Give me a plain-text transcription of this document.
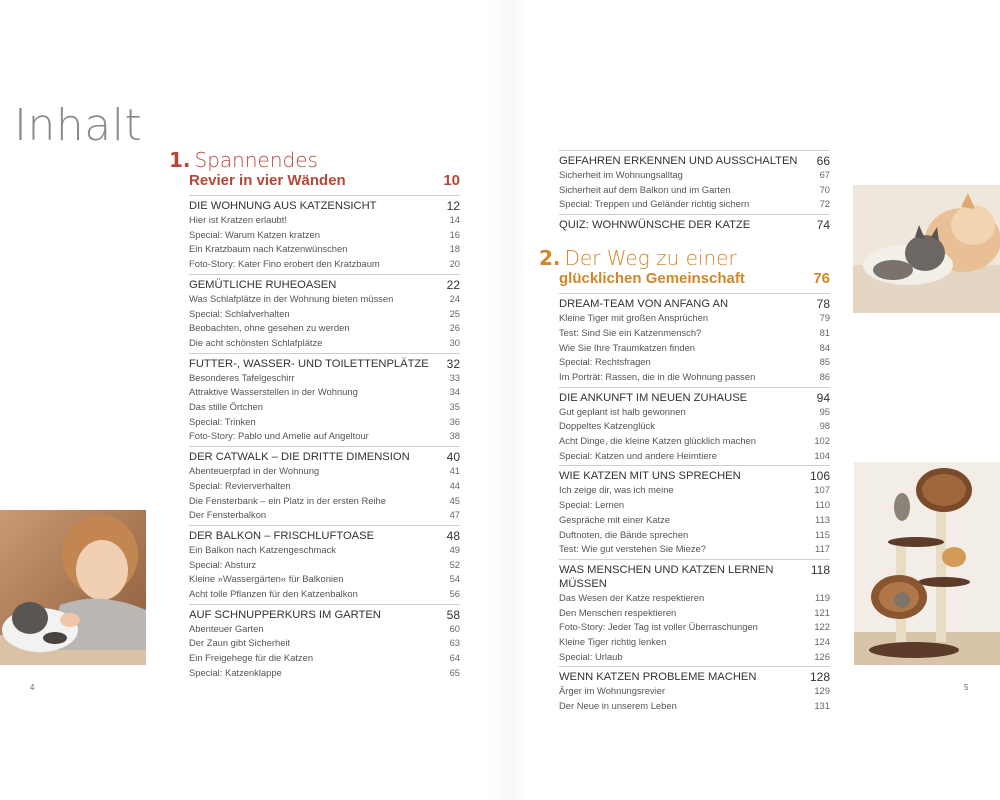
Inhalt
1. Spannendes
Revier in vier Wänden	10
DIE WOHNUNG AUS KATZENSICHT	12
Hier ist Kratzen erlaubt!	14
Special: Warum Katzen kratzen	16
Ein Kratzbaum nach Katzenwünschen	18
Foto-Story: Kater Fino erobert den Kratzbaum	20
GEMÜTLICHE RUHEOASEN	22
Was Schlafplätze in der Wohnung bieten müssen	24
Special: Schlafverhalten	25
Beobachten, ohne gesehen zu werden	26
Die acht schönsten Schlafplätze	30
FUTTER-, WASSER- UND TOILETTENPLÄTZE 32
Besonderes Tafelgeschirr	33
Attraktive Wasserstellen in der Wohnung	34
Das stille Örtchen	35
Special: Trinken	36
Foto-Story: Pablo und Amelie auf Angeltour	38
DER CATWALK – DIE DRITTE DIMENSION	40
Abenteuerpfad in der Wohnung	41
Special: Revierverhalten	44
Die Fensterbank – ein Platz in der ersten Reihe	45
Der Fensterbalkon	47
DER BALKON – FRISCHLUFTOASE	48
Ein Balkon nach Katzengeschmack	49
Special: Absturz	52
Kleine »Wassergärten« für Balkonien	54
Acht tolle Pflanzen für den Katzenbalkon	56
AUF SCHNUPPERKURS IM GARTEN	58
Abenteuer Garten	60
Der Zaun gibt Sicherheit	63
Ein Freigehege für die Katzen	64
Special: Katzenklappe	65
GEFAHREN ERKENNEN UND AUSSCHALTEN 66
Sicherheit im Wohnungsalltag	67
Sicherheit auf dem Balkon und im Garten	70
Special: Treppen und Geländer richtig sichern	72
QUIZ: WOHNWÜNSCHE DER KATZE	74
2. Der Weg zu einer
glücklichen Gemeinschaft	76
DREAM-TEAM VON ANFANG AN	78
Kleine Tiger mit großen Ansprüchen	79
Test: Sind Sie ein Katzenmensch?	81
Wie Sie Ihre Traumkatzen finden	84
Special: Rechtsfragen	85
Im Porträt: Rassen, die in die Wohnung passen	86
DIE ANKUNFT IM NEUEN ZUHAUSE	94
Gut geplant ist halb gewonnen	95
Doppeltes Katzenglück	98
Acht Dinge, die kleine Katzen glücklich machen	102
Special: Katzen und andere Heimtiere	104
WIE KATZEN MIT UNS SPRECHEN	106
Ich zeige dir, was ich meine	107
Special: Lernen	110
Gespräche mit einer Katze	113
Duftnoten, die Bände sprechen	115
Test: Wie gut verstehen Sie Mieze?	117
WAS MENSCHEN UND KATZEN LERNEN MÜSSEN
118
Das Wesen der Katze respektieren	119
Den Menschen respektieren	121
Foto-Story: Jeder Tag ist voller Überraschungen	122
Kleine Tiger richtig lenken	124
Special: Urlaub	126
WENN KATZEN PROBLEME MACHEN	128
Ärger im Wohnungsrevier	129
Der Neue in unserem Leben	131
4	5
